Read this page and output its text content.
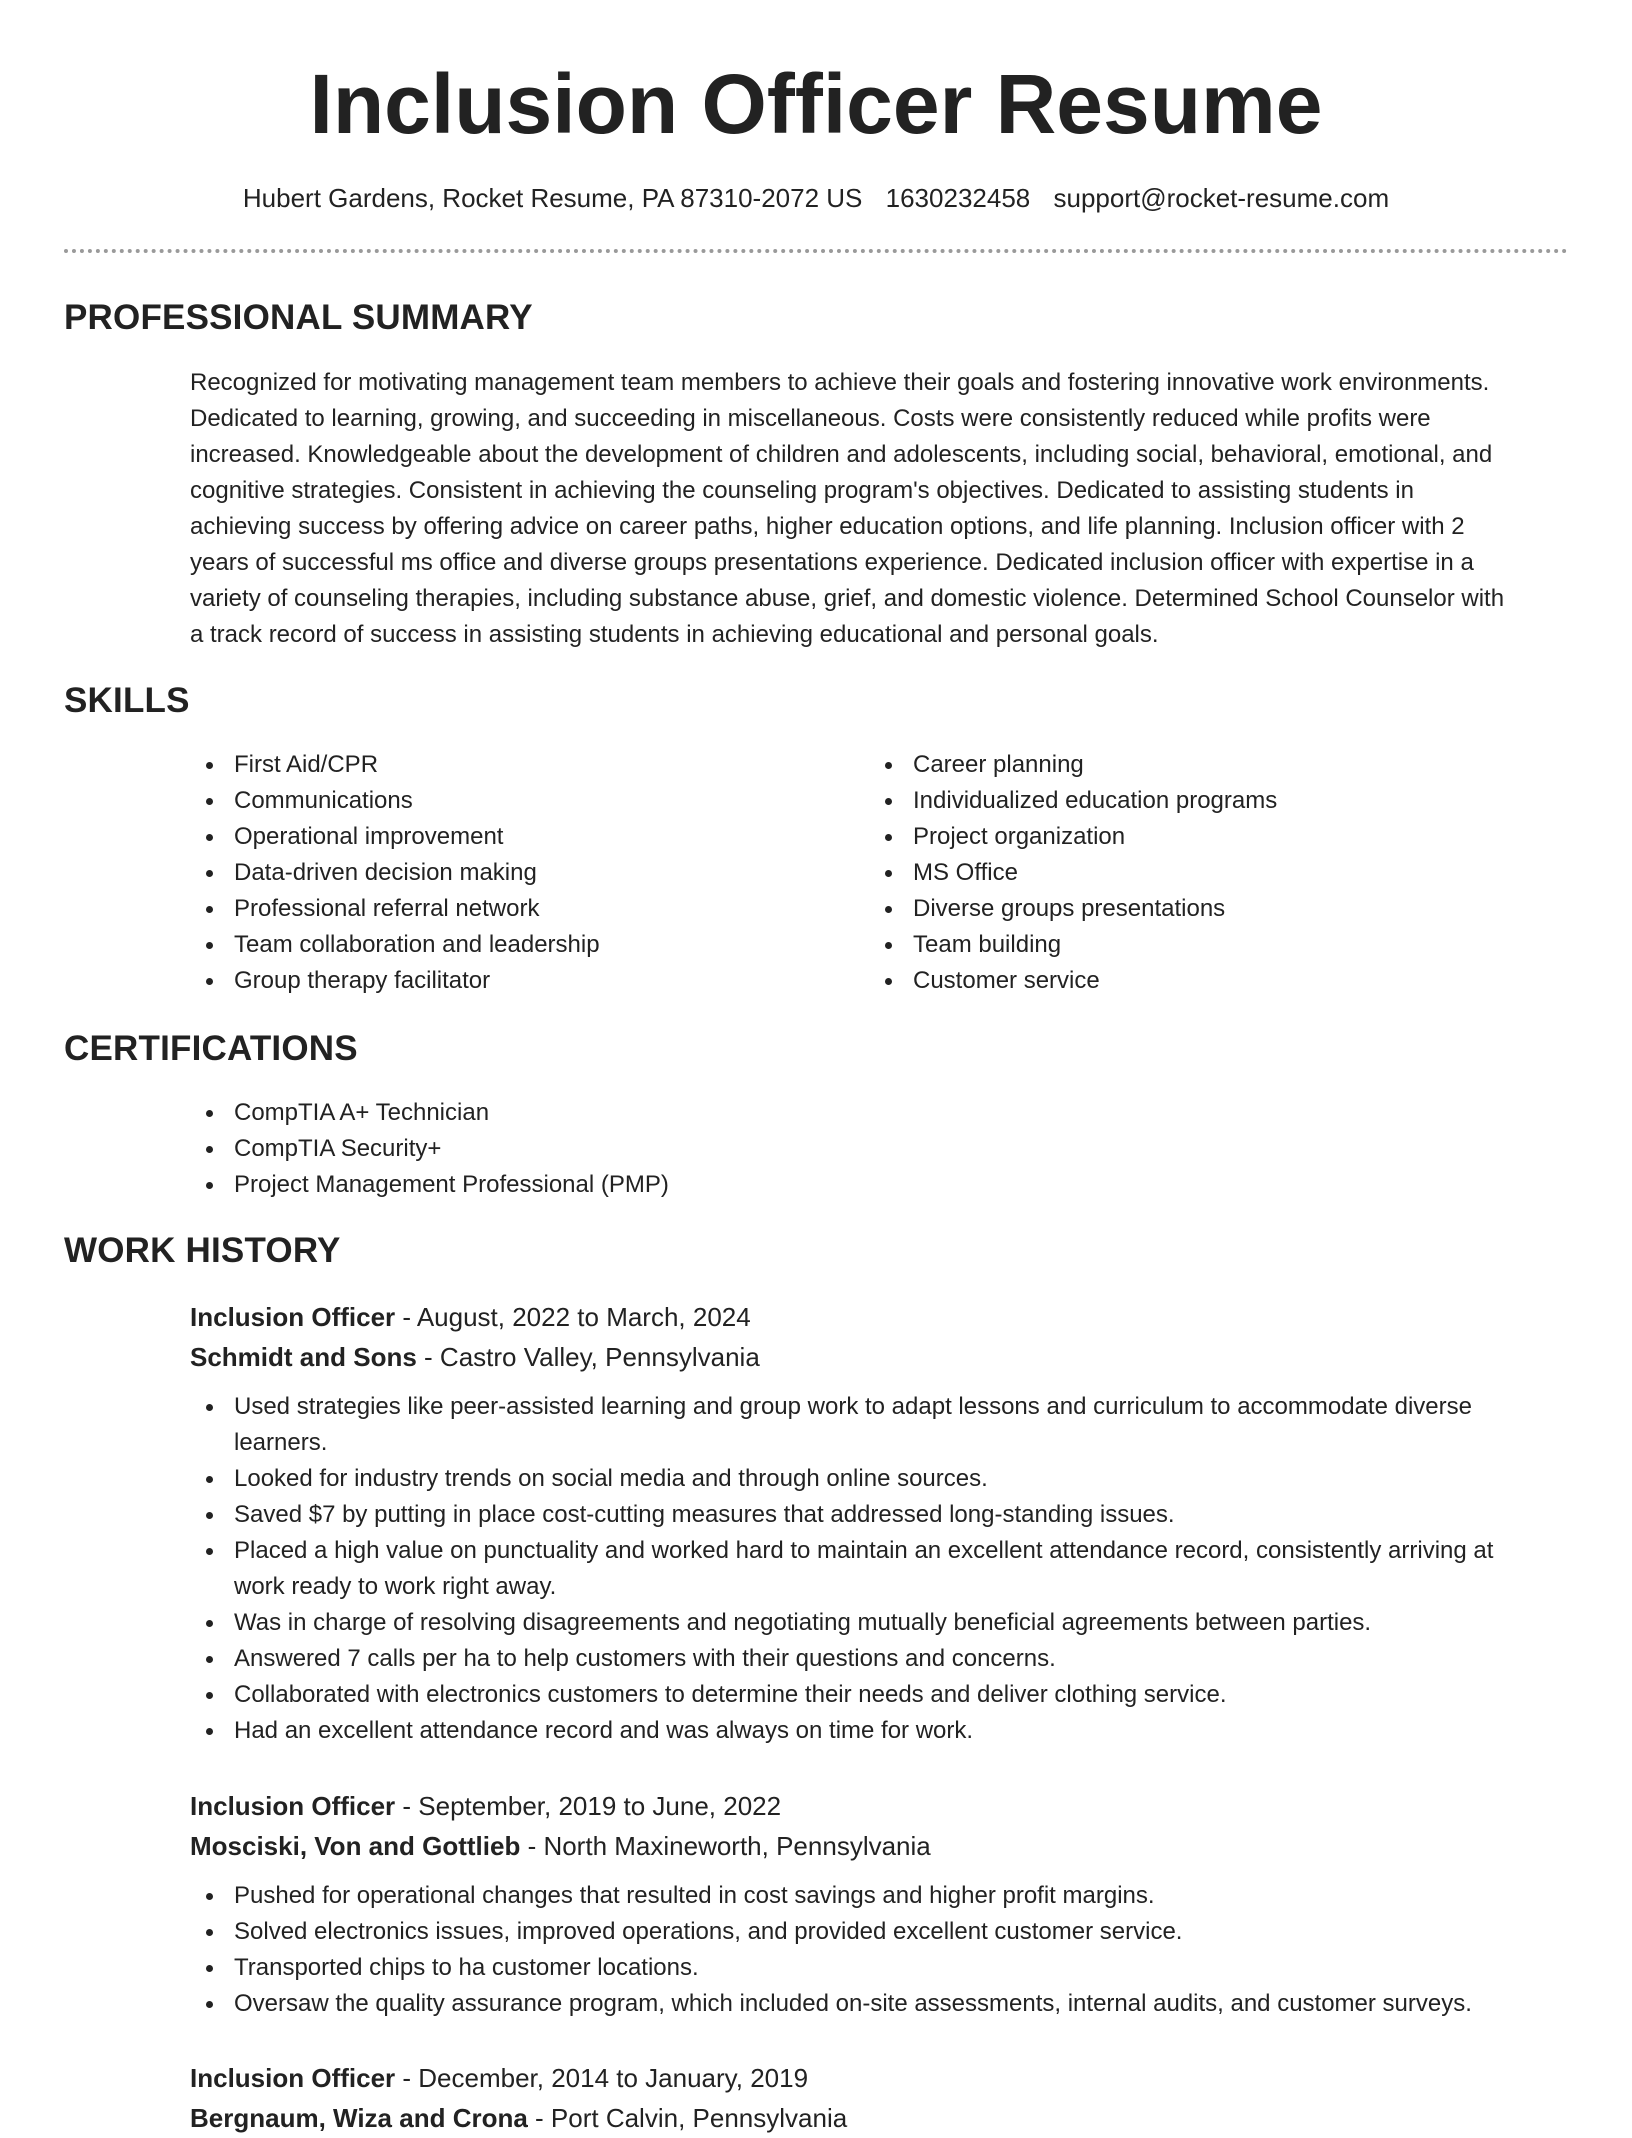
Inclusion Officer Resume
Hubert Gardens, Rocket Resume, PA 87310-2072 US 1630232458 support@rocket-resume.com
PROFESSIONAL SUMMARY
Recognized for motivating management team members to achieve their goals and fostering innovative work environments.
Dedicated to learning, growing, and succeeding in miscellaneous. Costs were consistently reduced while profits were
increased. Knowledgeable about the development of children and adolescents, including social, behavioral, emotional, and
cognitive strategies. Consistent in achieving the counseling program's objectives. Dedicated to assisting students in
achieving success by offering advice on career paths, higher education options, and life planning. Inclusion officer with 2
years of successful ms office and diverse groups presentations experience. Dedicated inclusion officer with expertise in a
variety of counseling therapies, including substance abuse, grief, and domestic violence. Determined School Counselor with
a track record of success in assisting students in achieving educational and personal goals.
SKILLS
First Aid/CPR
Communications
Operational improvement
Data-driven decision making
Professional referral network
Team collaboration and leadership
Group therapy facilitator
Career planning
Individualized education programs
Project organization
MS Office
Diverse groups presentations
Team building
Customer service
CERTIFICATIONS
CompTIA A+ Technician
CompTIA Security+
Project Management Professional (PMP)
WORK HISTORY
Inclusion Officer - August, 2022 to March, 2024
Schmidt and Sons - Castro Valley, Pennsylvania
Used strategies like peer-assisted learning and group work to adapt lessons and curriculum to accommodate diverse
learners.
Looked for industry trends on social media and through online sources.
Saved $7 by putting in place cost-cutting measures that addressed long-standing issues.
Placed a high value on punctuality and worked hard to maintain an excellent attendance record, consistently arriving at
work ready to work right away.
Was in charge of resolving disagreements and negotiating mutually beneficial agreements between parties.
Answered 7 calls per ha to help customers with their questions and concerns.
Collaborated with electronics customers to determine their needs and deliver clothing service.
Had an excellent attendance record and was always on time for work.
Inclusion Officer - September, 2019 to June, 2022
Mosciski, Von and Gottlieb - North Maxineworth, Pennsylvania
Pushed for operational changes that resulted in cost savings and higher profit margins.
Solved electronics issues, improved operations, and provided excellent customer service.
Transported chips to ha customer locations.
Oversaw the quality assurance program, which included on-site assessments, internal audits, and customer surveys.
Inclusion Officer - December, 2014 to January, 2019
Bergnaum, Wiza and Crona - Port Calvin, Pennsylvania
